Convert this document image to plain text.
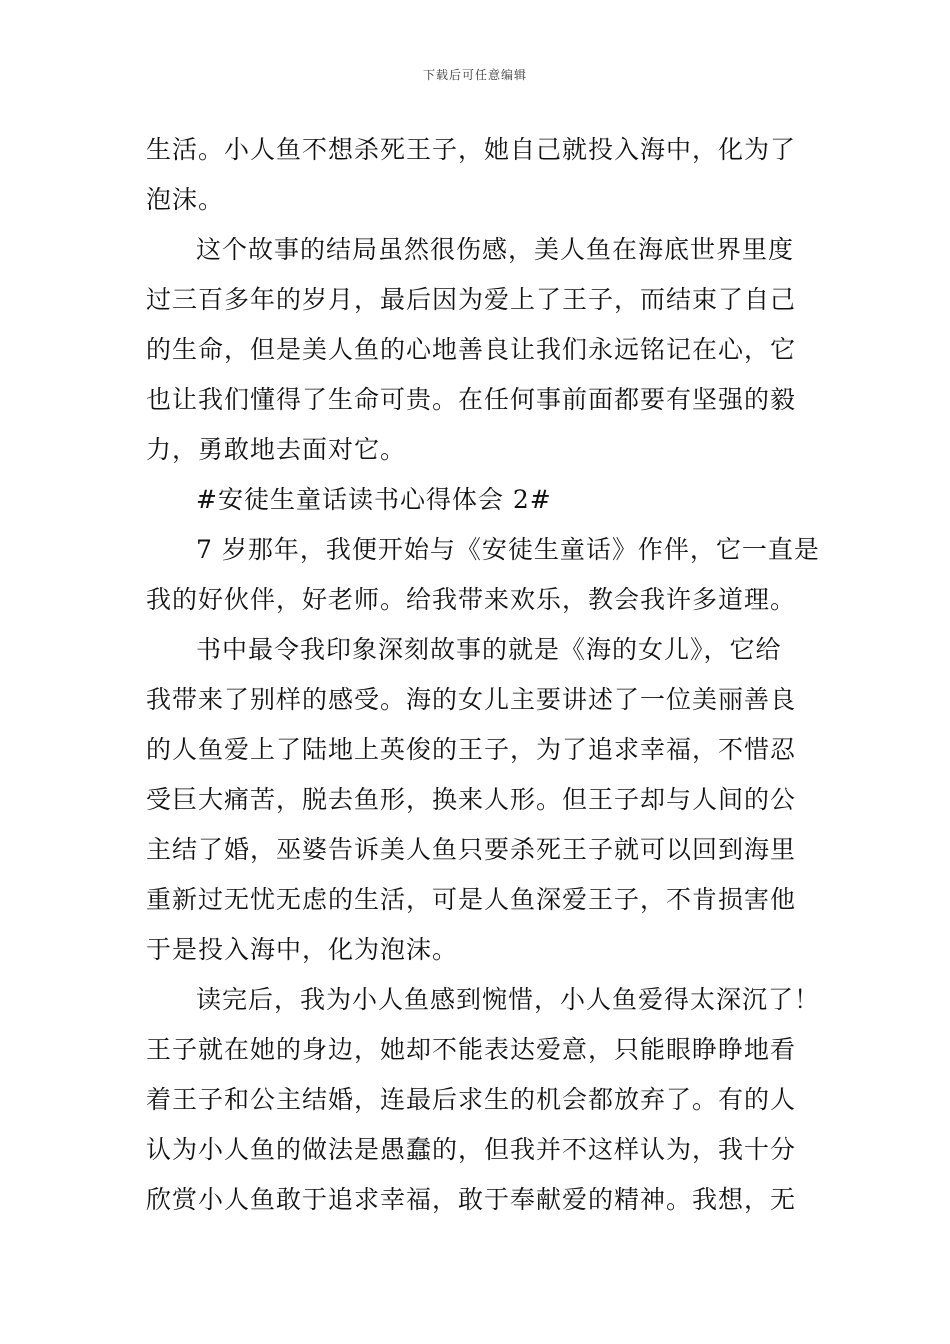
下载后可任意编辑
生活。小人鱼不想杀死王子，她自己就投入海中，化为了
泡沫。
这个故事的结局虽然很伤感，美人鱼在海底世界里度
过三百多年的岁月，最后因为爱上了王子，而结束了自己
的生命，但是美人鱼的心地善良让我们永远铭记在心，它
也让我们懂得了生命可贵。在任何事前面都要有坚强的毅
力，勇敢地去面对它。
#安徒生童话读书心得体会 2#
7 岁那年，我便开始与《安徒生童话》作伴，它一直是
我的好伙伴，好老师。给我带来欢乐，教会我许多道理。
书中最令我印象深刻故事的就是《海的女儿》，它给
我带来了别样的感受。海的女儿主要讲述了一位美丽善良
的人鱼爱上了陆地上英俊的王子，为了追求幸福，不惜忍
受巨大痛苦，脱去鱼形，换来人形。但王子却与人间的公
主结了婚，巫婆告诉美人鱼只要杀死王子就可以回到海里
重新过无忧无虑的生活，可是人鱼深爱王子，不肯损害他
于是投入海中，化为泡沫。
读完后，我为小人鱼感到惋惜，小人鱼爱得太深沉了！
王子就在她的身边，她却不能表达爱意，只能眼睁睁地看
着王子和公主结婚，连最后求生的机会都放弃了。有的人
认为小人鱼的做法是愚蠢的，但我并不这样认为，我十分
欣赏小人鱼敢于追求幸福，敢于奉献爱的精神。我想，无
